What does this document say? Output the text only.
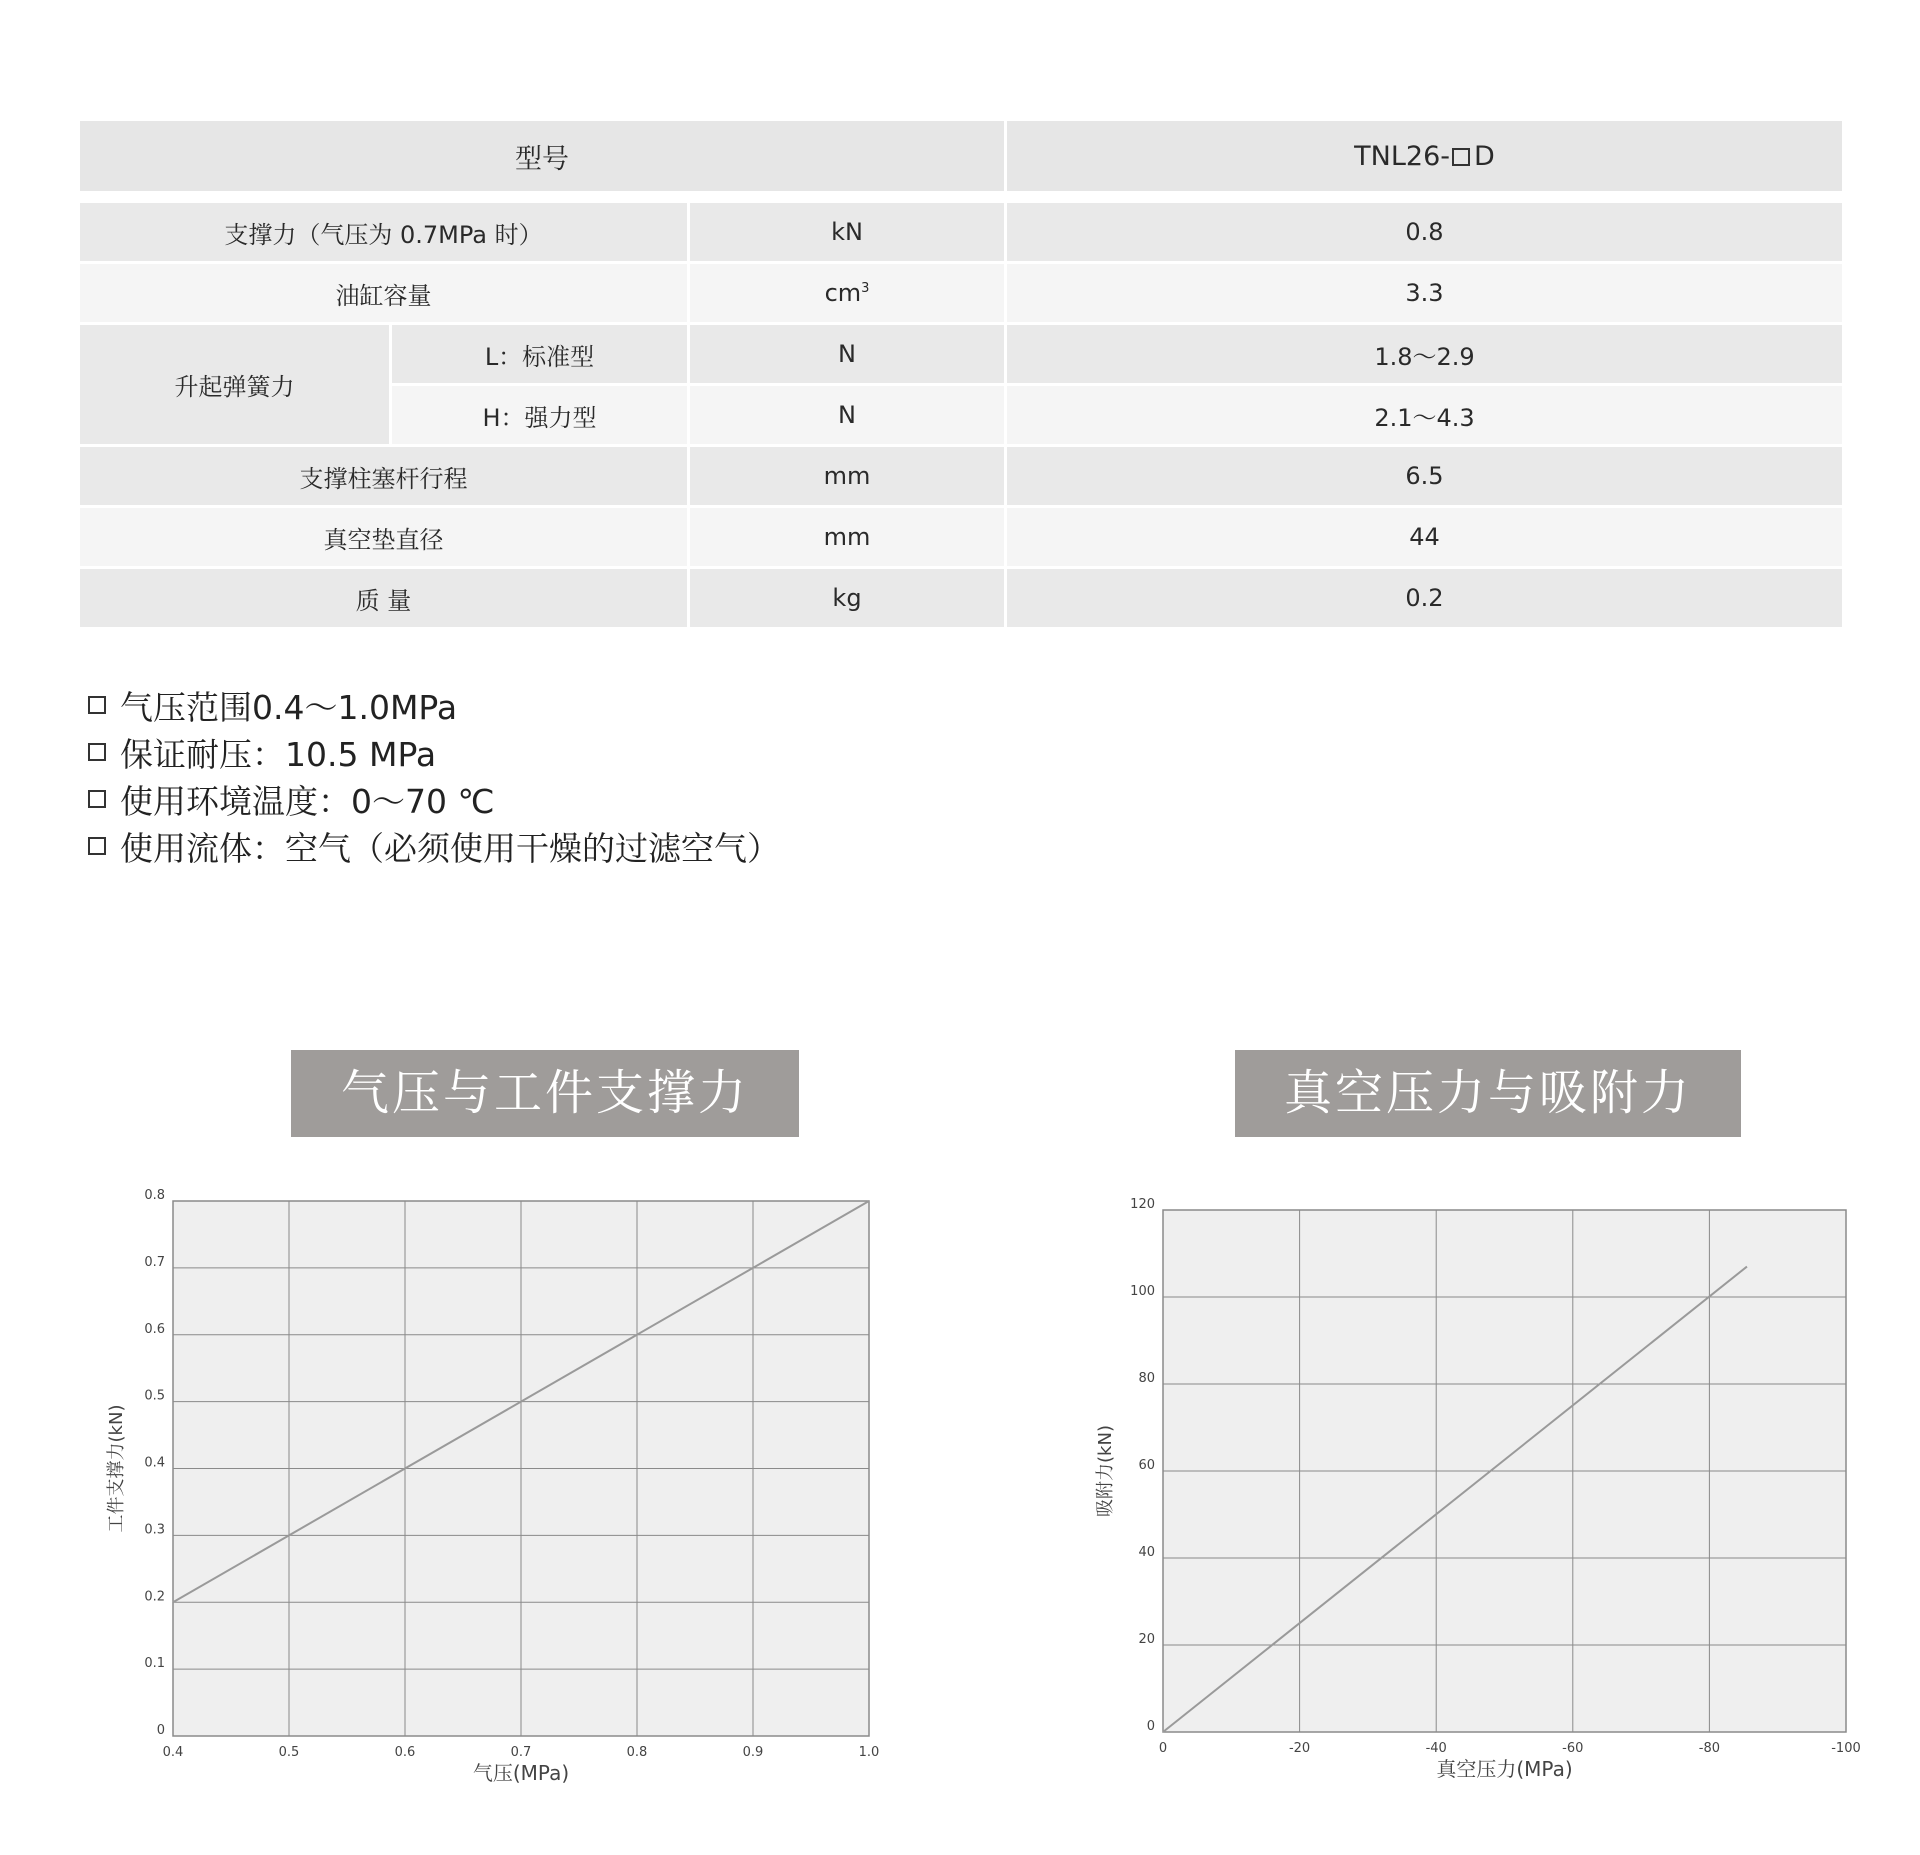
型号			TNL26- D

支撑力（气压为 0.7MPa 时）		kN	0.8
油缸容量		$cm^3$	3.3
升起弹簧力	L：标准型	N	1.8～2.9
	H：强力型	N	2.1～4.3
支撑柱塞杆行程		mm	6.5
真空垫直径		mm	44
质 量		kg	0.2
气压范围0.4～1.0MPa
保证耐压：10.5 MPa
使用环境温度：0～70 ℃
使用流体：空气（必须使用干燥的过滤空气）
气压与工件支撑力	真空压力与吸附力
0.4	0.5	0.6	0.7	0.8	0.9	1.0
0
0.1
0.2
0.3
0.4
0.5
0.6
0.7
0.8
气压(MPa)
工件支撑力(kN)
0	-20	-40	-60	-80	-100
0
20
40
60
80
100
120
真空压力(MPa)
吸附力(kN)
